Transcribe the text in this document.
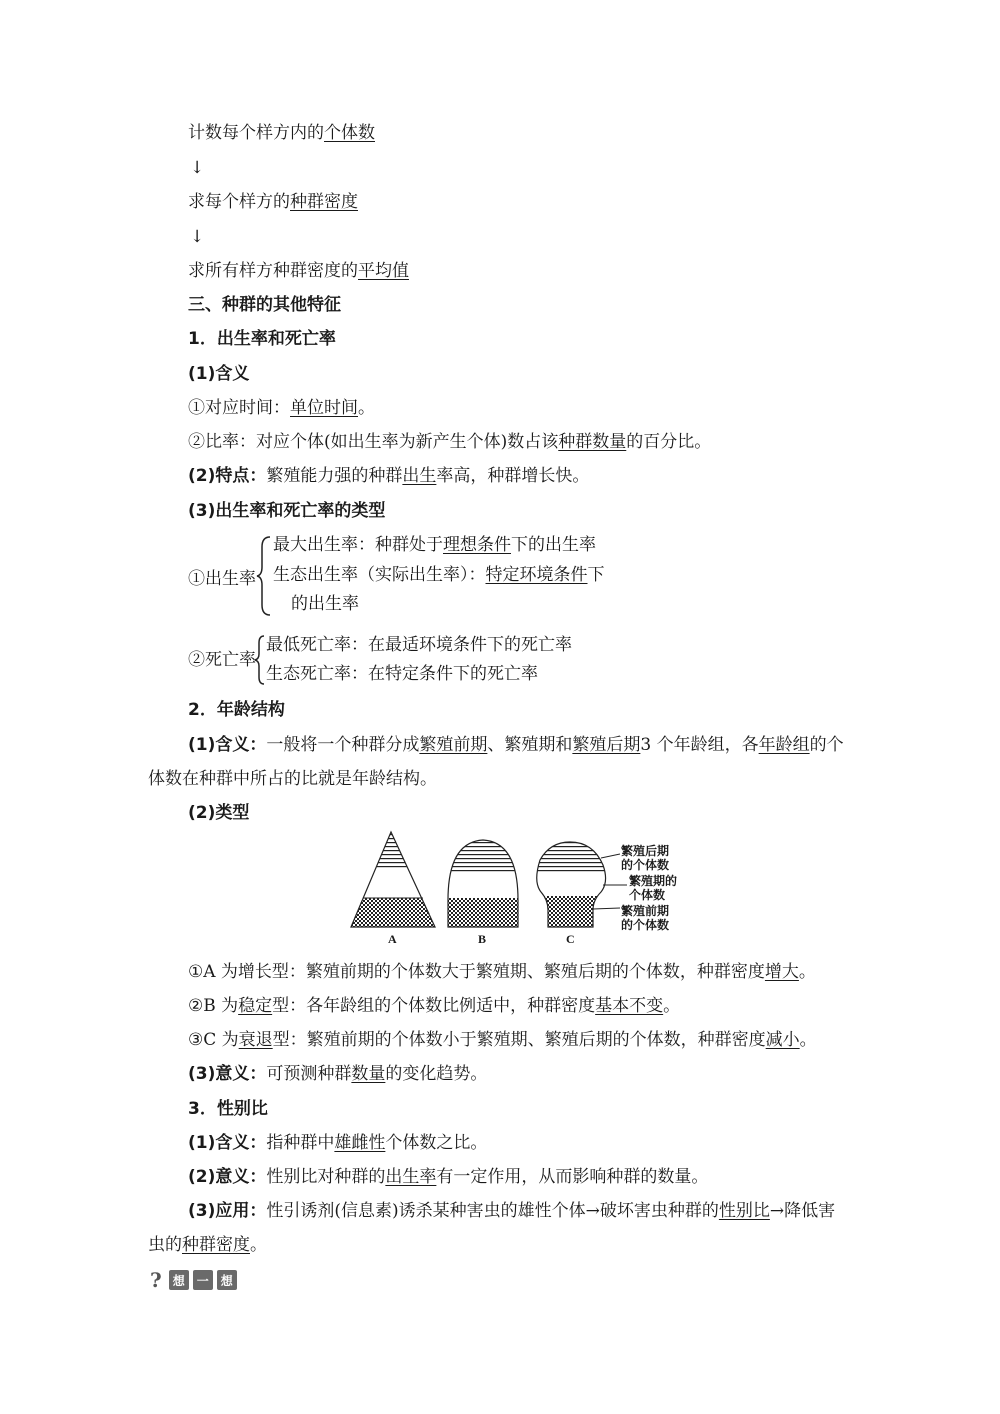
计数每个样方内的个体数
↓
求每个样方的种群密度
↓
求所有样方种群密度的平均值
三、种群的其他特征
1．出生率和死亡率
(1)含义
①对应时间：单位时间。
②比率：对应个体(如出生率为新产生个体)数占该种群数量的百分比。
(2)特点：繁殖能力强的种群出生率高，种群增长快。
(3)出生率和死亡率的类型
①出生率
最大出生率：种群处于理想条件下的出生率
生态出生率（实际出生率）：特定环境条件下
的出生率
②死亡率
最低死亡率：在最适环境条件下的死亡率
生态死亡率：在特定条件下的死亡率
2．年龄结构
(1)含义：一般将一个种群分成繁殖前期、繁殖期和繁殖后期3 个年龄组，各年龄组的个
体数在种群中所占的比就是年龄结构。
(2)类型
A	B	C
繁殖后期
的个体数
繁殖期的
个体数
繁殖前期
的个体数
①A 为增长型：繁殖前期的个体数大于繁殖期、繁殖后期的个体数，种群密度增大。
②B 为稳定型：各年龄组的个体数比例适中，种群密度基本不变。
③C 为衰退型：繁殖前期的个体数小于繁殖期、繁殖后期的个体数，种群密度减小。
(3)意义：可预测种群数量的变化趋势。
3．性别比
(1)含义：指种群中雄雌性个体数之比。
(2)意义：性别比对种群的出生率有一定作用，从而影响种群的数量。
(3)应用：性引诱剂(信息素)诱杀某种害虫的雄性个体→破坏害虫种群的性别比→降低害
虫的种群密度。
? 想 一 想
